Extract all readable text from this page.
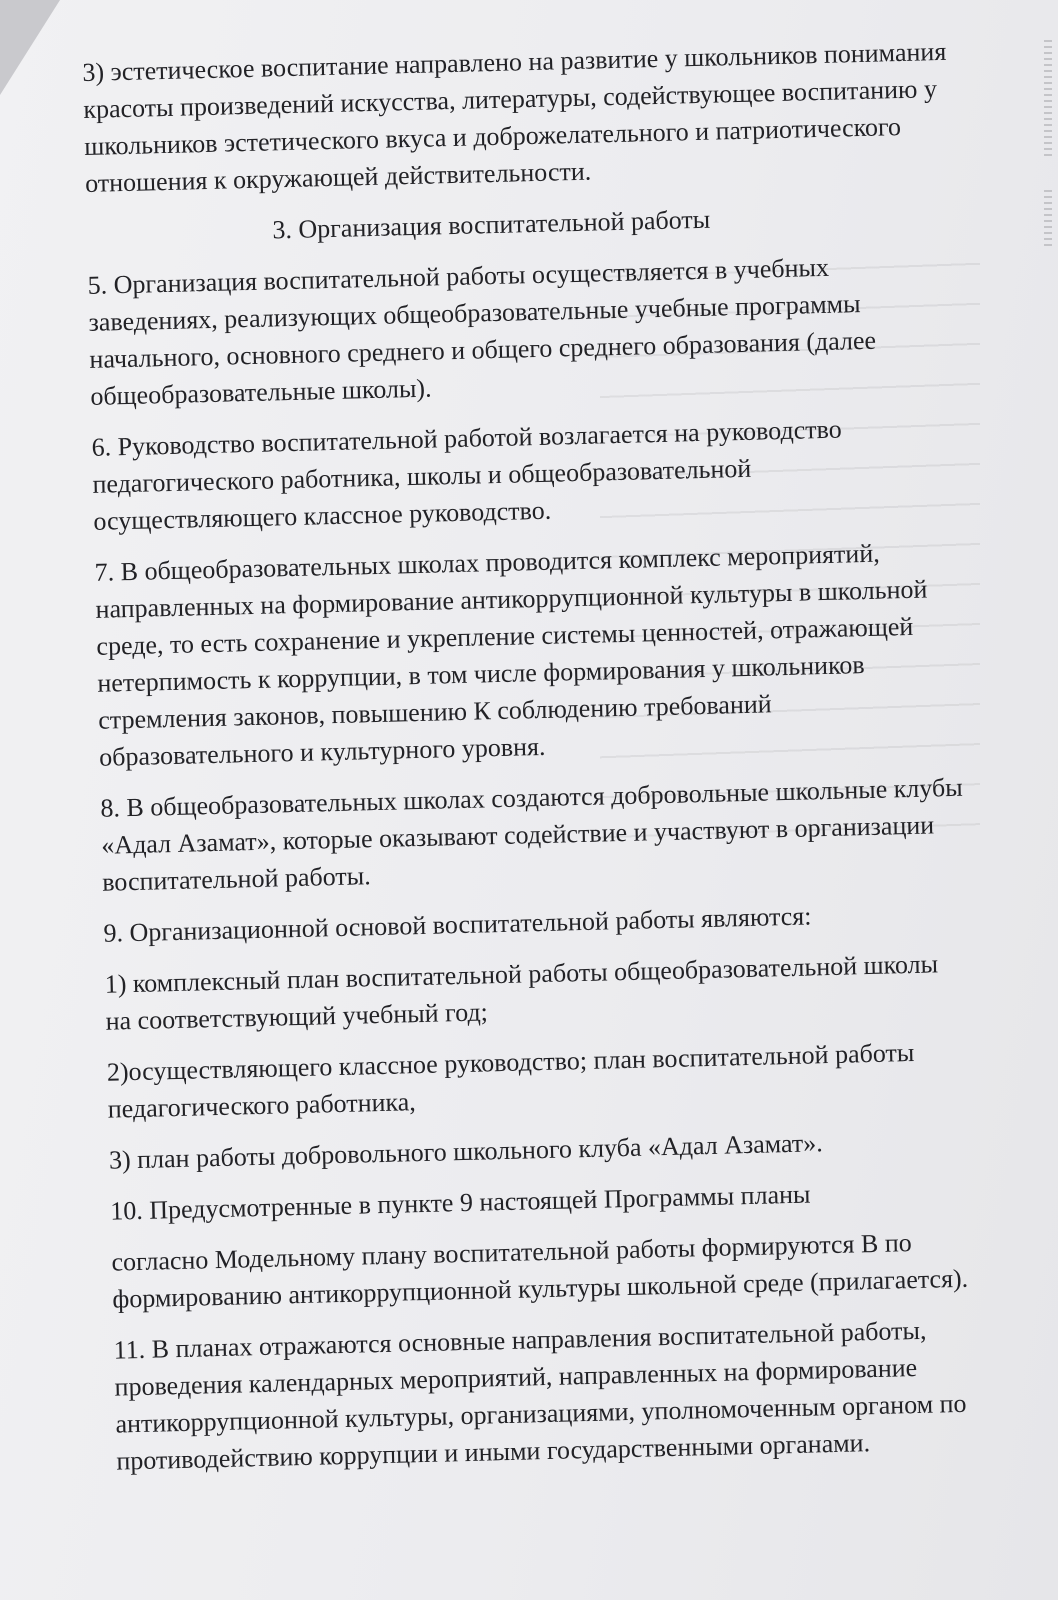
3) эстетическое воспитание направлено на развитие у школьников понимания
красоты произведений искусства, литературы, содействующее воспитанию у
школьников эстетического вкуса и доброжелательного и патриотического
отношения к окружающей действительности.

3. Организация воспитательной работы

5. Организация воспитательной работы осуществляется в учебных
заведениях, реализующих общеобразовательные учебные программы
начального, основного среднего и общего среднего образования (далее
общеобразовательные школы).

6. Руководство воспитательной работой возлагается на руководство
педагогического работника, школы и общеобразовательной
осуществляющего классное руководство.

7. В общеобразовательных школах проводится комплекс мероприятий,
направленных на формирование антикоррупционной культуры в школьной
среде, то есть сохранение и укрепление системы ценностей, отражающей
нетерпимость к коррупции, в том числе формирования у школьников
стремления законов, повышению К соблюдению требований
образовательного и культурного уровня.

8. В общеобразовательных школах создаются добровольные школьные клубы
«Адал Азамат», которые оказывают содействие и участвуют в организации
воспитательной работы.

9. Организационной основой воспитательной работы являются:

1) комплексный план воспитательной работы общеобразовательной школы
на соответствующий учебный год;

2)осуществляющего классное руководство; план воспитательной работы
педагогического работника,

3) план работы добровольного школьного клуба «Адал Азамат».

10. Предусмотренные в пункте 9 настоящей Программы планы

согласно Модельному плану воспитательной работы формируются В по
формированию антикоррупционной культуры школьной среде (прилагается).

11. В планах отражаются основные направления воспитательной работы,
проведения календарных мероприятий, направленных на формирование
антикоррупционной культуры, организациями, уполномоченным органом по
противодействию коррупции и иными государственными органами.
